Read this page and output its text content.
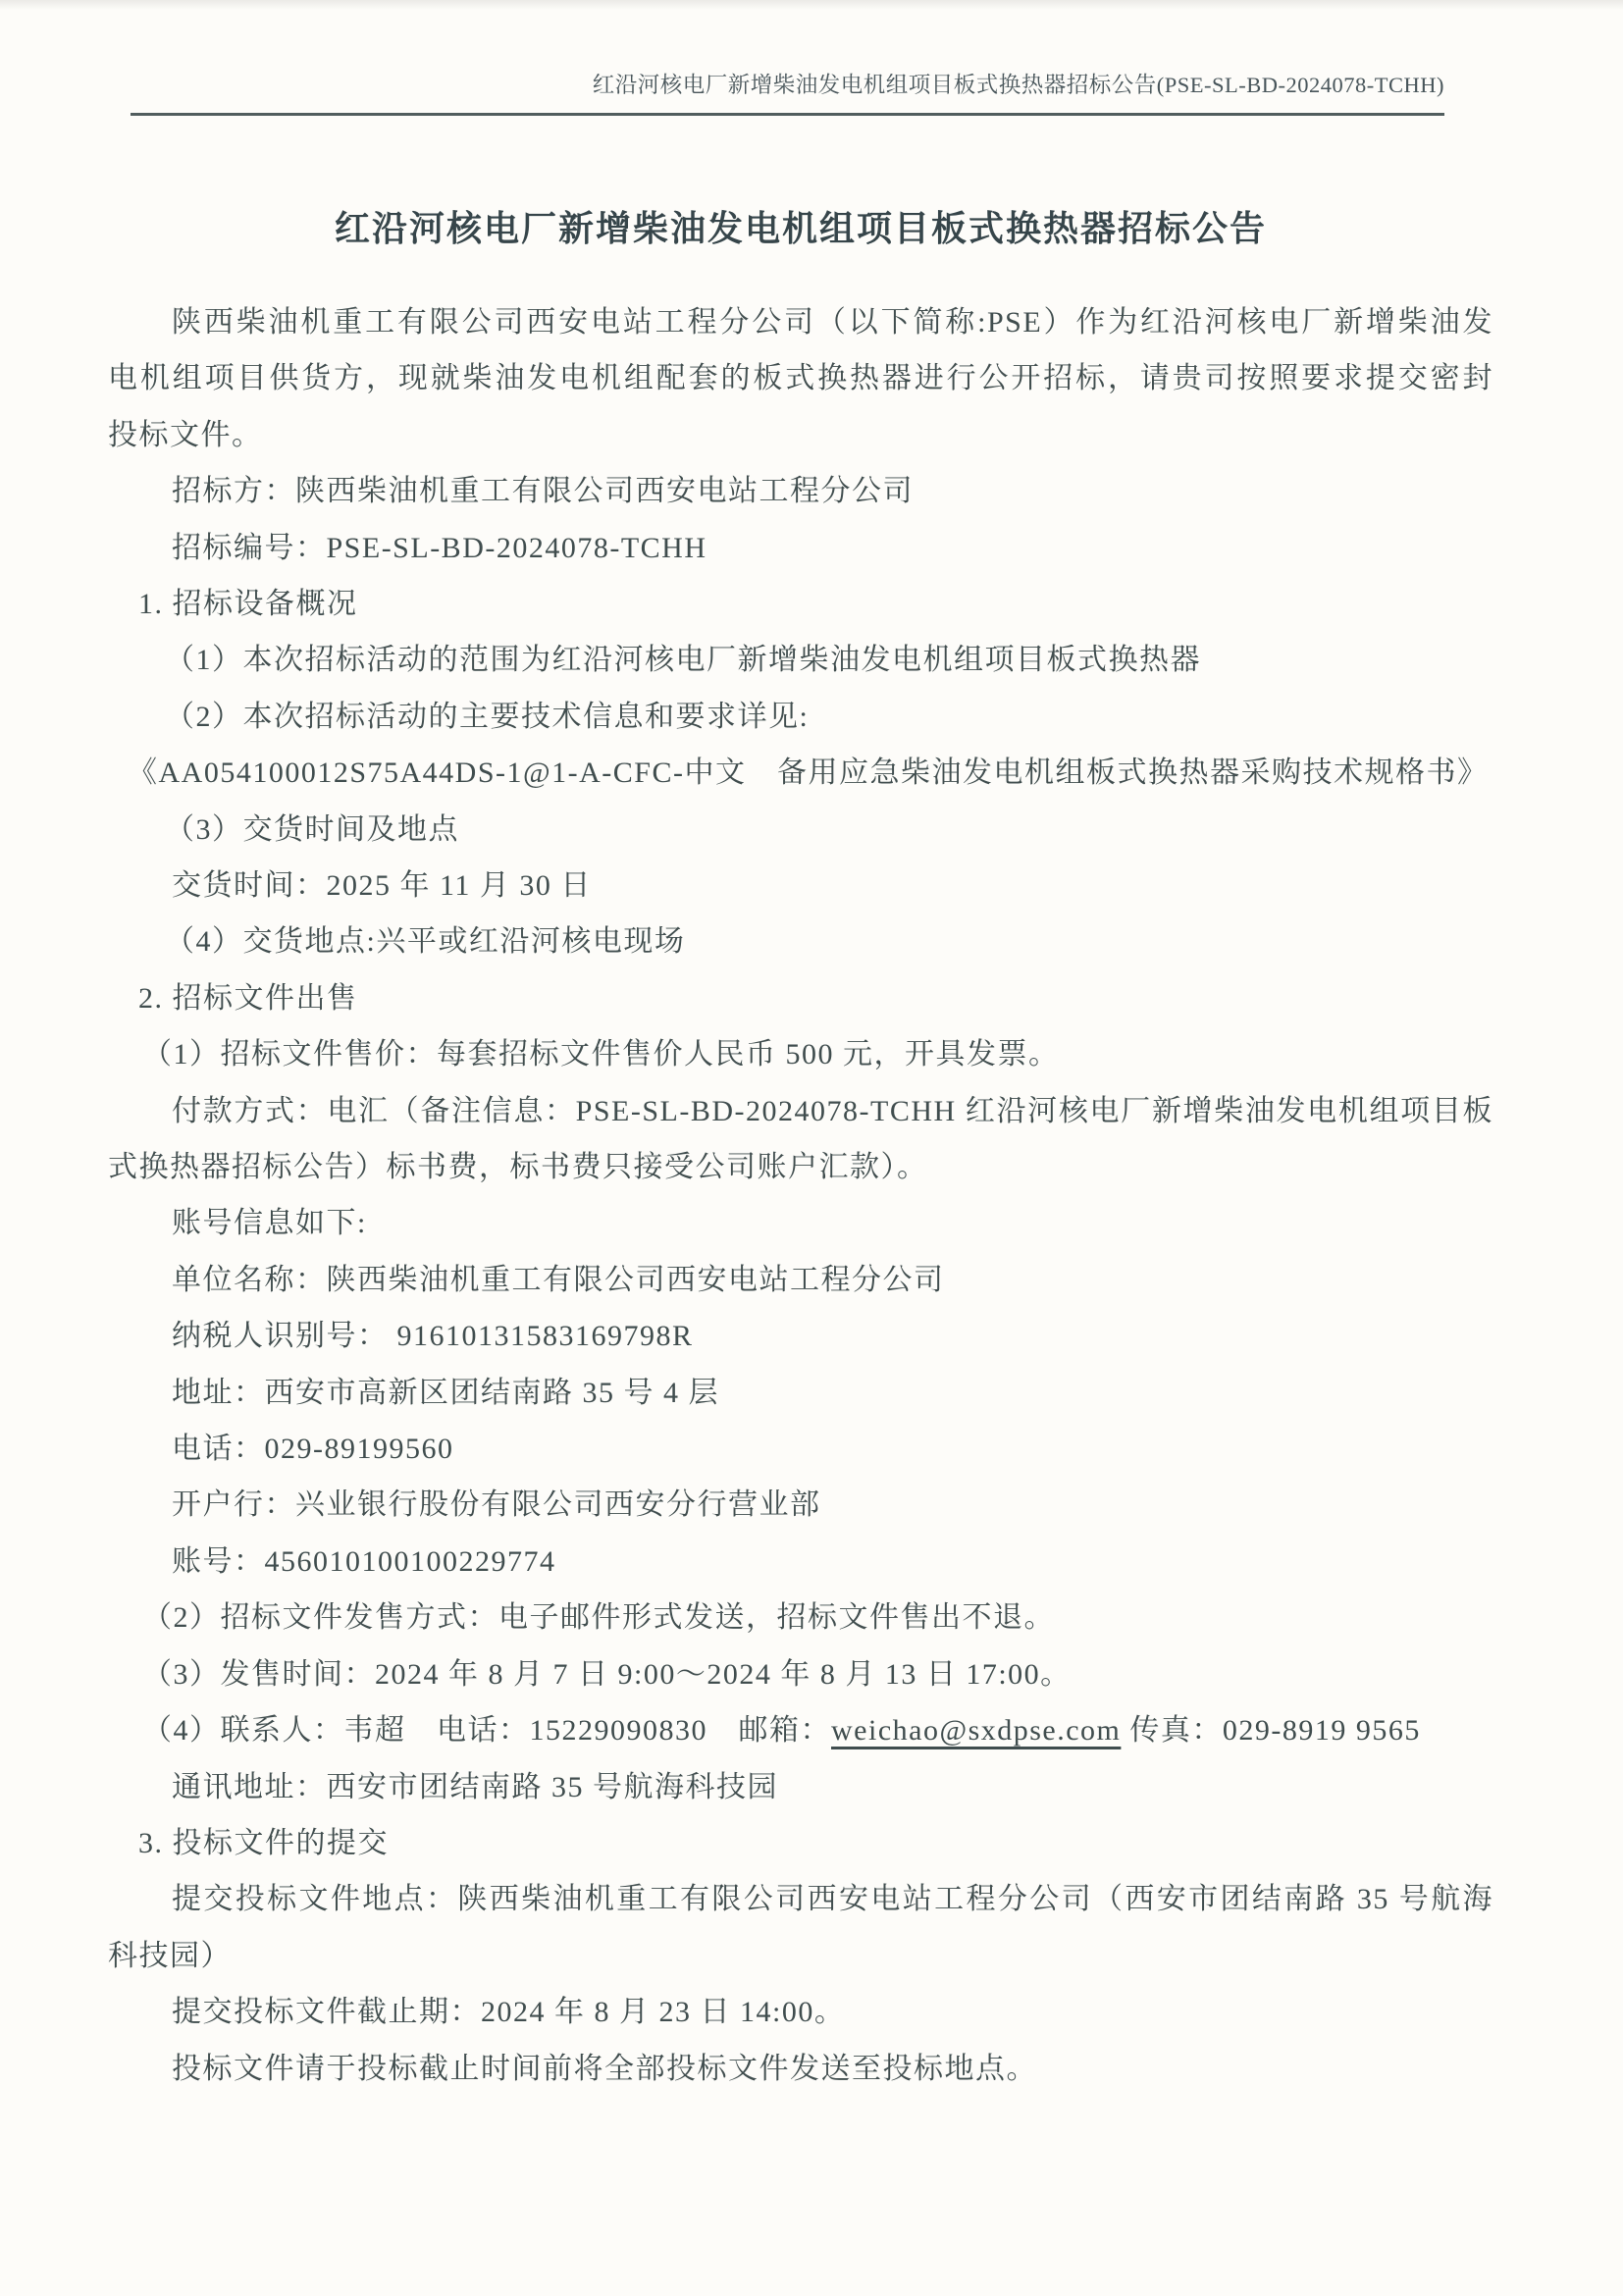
红沿河核电厂新增柴油发电机组项目板式换热器招标公告(PSE-SL-BD-2024078-TCHH)
红沿河核电厂新增柴油发电机组项目板式换热器招标公告
陕西柴油机重工有限公司西安电站工程分公司（以下简称:PSE）作为红沿河核电厂新增柴油发
电机组项目供货方，现就柴油发电机组配套的板式换热器进行公开招标，请贵司按照要求提交密封
投标文件。
招标方：陕西柴油机重工有限公司西安电站工程分公司
招标编号：PSE-SL-BD-2024078-TCHH
1. 招标设备概况
（1）本次招标活动的范围为红沿河核电厂新增柴油发电机组项目板式换热器
（2）本次招标活动的主要技术信息和要求详见:
《AA054100012S75A44DS-1@1-A-CFC-中文　备用应急柴油发电机组板式换热器采购技术规格书》
（3）交货时间及地点
交货时间：2025 年 11 月 30 日
（4）交货地点:兴平或红沿河核电现场
2. 招标文件出售
（1）招标文件售价：每套招标文件售价人民币 500 元，开具发票。
付款方式：电汇（备注信息：PSE-SL-BD-2024078-TCHH 红沿河核电厂新增柴油发电机组项目板
式换热器招标公告）标书费，标书费只接受公司账户汇款）。
账号信息如下:
单位名称：陕西柴油机重工有限公司西安电站工程分公司
纳税人识别号： 91610131583169798R
地址：西安市高新区团结南路 35 号 4 层
电话：029-89199560
开户行：兴业银行股份有限公司西安分行营业部
账号：456010100100229774
（2）招标文件发售方式：电子邮件形式发送，招标文件售出不退。
（3）发售时间：2024 年 8 月 7 日 9:00～2024 年 8 月 13 日 17:00。
（4）联系人：韦超　电话：15229090830　邮箱：weichao@sxdpse.com 传真：029-8919 9565
通讯地址：西安市团结南路 35 号航海科技园
3. 投标文件的提交
提交投标文件地点：陕西柴油机重工有限公司西安电站工程分公司（西安市团结南路 35 号航海
科技园）
提交投标文件截止期：2024 年 8 月 23 日 14:00。
投标文件请于投标截止时间前将全部投标文件发送至投标地点。
